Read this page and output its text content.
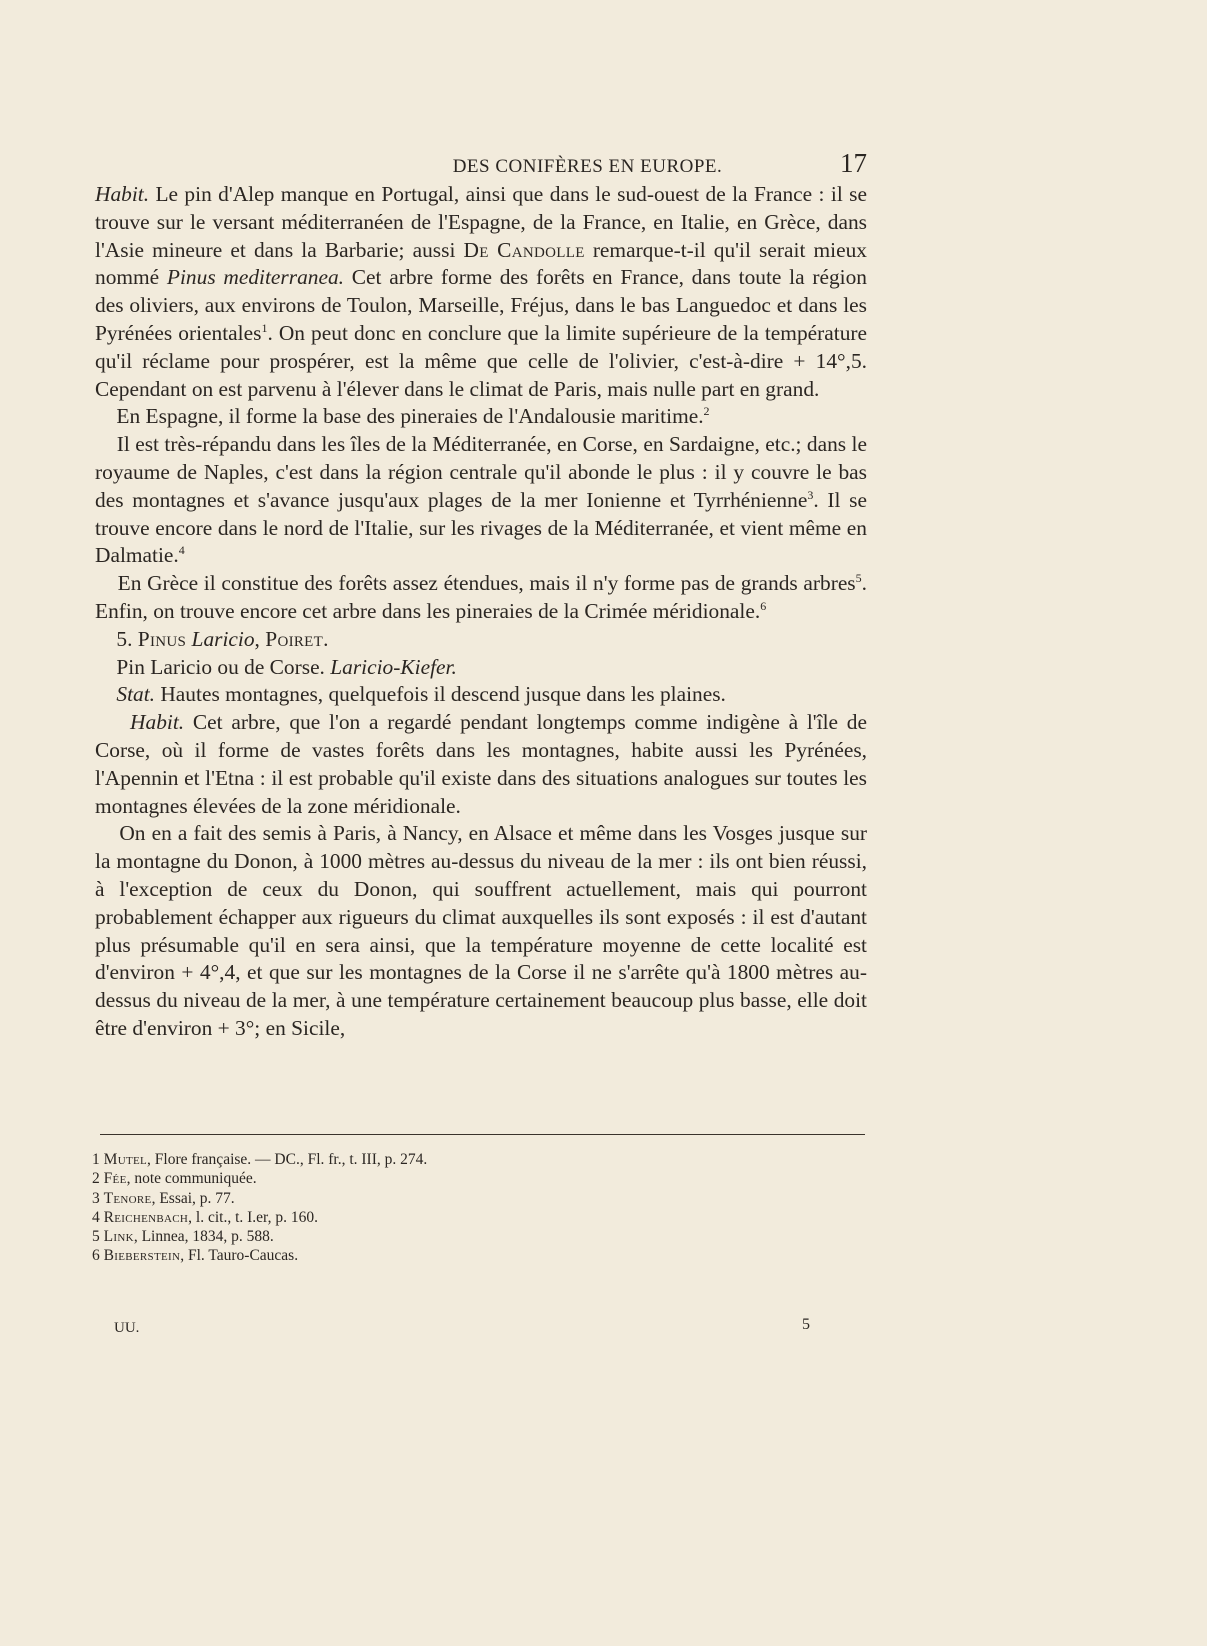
DES CONIFÈRES EN EUROPE.	17

Habit. Le pin d'Alep manque en Portugal, ainsi que dans le sud-ouest de la France : il se trouve sur le versant méditerranéen de l'Espagne, de la France, en Italie, en Grèce, dans l'Asie mineure et dans la Barbarie; aussi De Candolle remarque-t-il qu'il serait mieux nommé Pinus mediterranea. Cet arbre forme des forêts en France, dans toute la région des oliviers, aux environs de Toulon, Marseille, Fréjus, dans le bas Languedoc et dans les Pyrénées orientales$^1$. On peut donc en conclure que la limite supérieure de la température qu'il réclame pour prospérer, est la même que celle de l'olivier, c'est-à-dire + 14°,5. Cependant on est parvenu à l'élever dans le climat de Paris, mais nulle part en grand.

En Espagne, il forme la base des pineraies de l'Andalousie maritime.$^2$

Il est très-répandu dans les îles de la Méditerranée, en Corse, en Sardaigne, etc.; dans le royaume de Naples, c'est dans la région centrale qu'il abonde le plus : il y couvre le bas des montagnes et s'avance jusqu'aux plages de la mer Ionienne et Tyrrhénienne$^3$. Il se trouve encore dans le nord de l'Italie, sur les rivages de la Méditerranée, et vient même en Dalmatie.$^4$

En Grèce il constitue des forêts assez étendues, mais il n'y forme pas de grands arbres$^5$. Enfin, on trouve encore cet arbre dans les pineraies de la Crimée méridionale.$^6$

5. Pinus Laricio, Poiret.

Pin Laricio ou de Corse. Laricio-Kiefer.

Stat. Hautes montagnes, quelquefois il descend jusque dans les plaines.

Habit. Cet arbre, que l'on a regardé pendant longtemps comme indigène à l'île de Corse, où il forme de vastes forêts dans les montagnes, habite aussi les Pyrénées, l'Apennin et l'Etna : il est probable qu'il existe dans des situations analogues sur toutes les montagnes élevées de la zone méridionale.

On en a fait des semis à Paris, à Nancy, en Alsace et même dans les Vosges jusque sur la montagne du Donon, à 1000 mètres au-dessus du niveau de la mer : ils ont bien réussi, à l'exception de ceux du Donon, qui souffrent actuellement, mais qui pourront probablement échapper aux rigueurs du climat auxquelles ils sont exposés : il est d'autant plus présumable qu'il en sera ainsi, que la température moyenne de cette localité est d'environ + 4°,4, et que sur les montagnes de la Corse il ne s'arrête qu'à 1800 mètres au-dessus du niveau de la mer, à une température certainement beaucoup plus basse, elle doit être d'environ + 3°; en Sicile,

1 Mutel, Flore française. — DC., Fl. fr., t. III, p. 274.
2 Fée, note communiquée.
3 Tenore, Essai, p. 77.
4 Reichenbach, l. cit., t. I.er, p. 160.
5 Link, Linnea, 1834, p. 588.
6 Bieberstein, Fl. Tauro-Caucas.
UU.	5
